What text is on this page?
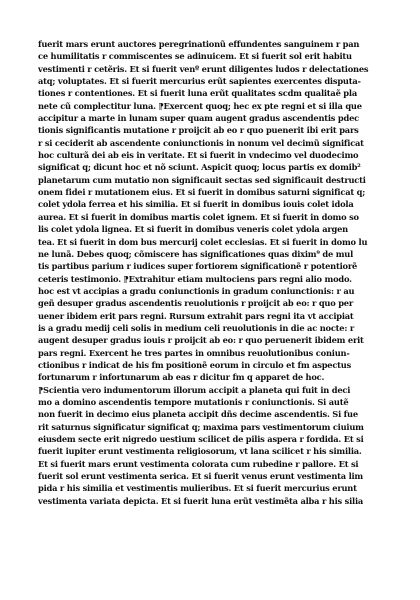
fuerit mars erunt auctores peregrinationũ effundentes sanguinem r pan
ce humilitatis r commiscentes se adinuicem. Et si fuerit sol erit habitu
vestimenti r cetẽris. Et si fuerit venº erunt diligentes ludos r delectationes
atq; voluptates. Et si fuerit mercurius erũt sapientes exercentes disputa-
tiones r contentiones. Et si fuerit luna erũt qualitates scdm qualitaẽ pla
nete cũ complectitur luna. ⁋Exercent quoq; hec ex pte regni et si illa que
accipitur a marte in lunam super quam augent gradus ascendentis pdec
tionis significantis mutatione r proijcit ab eo r quo puenerit ibi erit pars
r si ceciderit ab ascendente coniunctionis in nonum vel decimũ significat
hoc culturã dei ab eis in veritate. Et si fuerit in vndecimo vel duodecimo
significat q; dicunt hoc et nõ sciunt. Aspicit quoq; locus partis ex domib²
planetarum cum mutatio non significauit sectas sed significauit destructi
onem fidei r mutationem eius. Et si fuerit in domibus saturni significat q;
colet ydola ferrea et his similia. Et si fuerit in domibus iouis colet idola
aurea. Et si fuerit in domibus martis colet ignem. Et si fuerit in domo so
lis colet ydola lignea. Et si fuerit in domibus veneris colet ydola argen
tea. Et si fuerit in dom bus mercurij colet ecclesias. Et si fuerit in domo lu
ne lunã. Debes quoq; cõmiscere has significationes quas dixim⁹ de mul
tis partibus parium r iudices super fortiorem significationẽ r potentiorẽ
ceteris testimonio. ⁋Extrahitur etiam multociens pars regni alio modo.
hoc est vt accipias a gradu coniunctionis in gradum coniunctionis: r au
geñ desuper gradus ascendentis reuolutionis r proijcit ab eo: r quo per
uener ibidem erit pars regni. Rursum extrahit pars regni ita vt accipiat
is a gradu medij celi solis in medium celi reuolutionis in die ac nocte: r
augent desuper gradus iouis r proijcit ab eo: r quo peruenerit ibidem erit
pars regni. Exercent he tres partes in omnibus reuolutionibus coniun-
ctionibus r indicat de his fm positionẽ eorum in circulo et fm aspectus
fortunarum r infortunarum ab eas r dicitur fm q apparet de hoc.
⁋Scientia vero indumentorum illorum accipit a planeta qui fuit in deci
mo a domino ascendentis tempore mutationis r coniunctionis. Si autẽ
non fuerit in decimo eius planeta accipit dñs decime ascendentis. Si fue
rit saturnus significatur significat q; maxima pars vestimentorum ciuium
eiusdem secte erit nigredo uestium scilicet de pilis aspera r fordida. Et si
fuerit iupiter erunt vestimenta religiosorum, vt lana scilicet r his similia.
Et si fuerit mars erunt vestimenta colorata cum rubedine r pallore. Et si
fuerit sol erunt vestimenta serica. Et si fuerit venus erunt vestimenta lim
pida r his similia et vestimentis mulieribus. Et si fuerit mercurius erunt
vestimenta variata depicta. Et si fuerit luna erũt vestimẽta alba r his silia
